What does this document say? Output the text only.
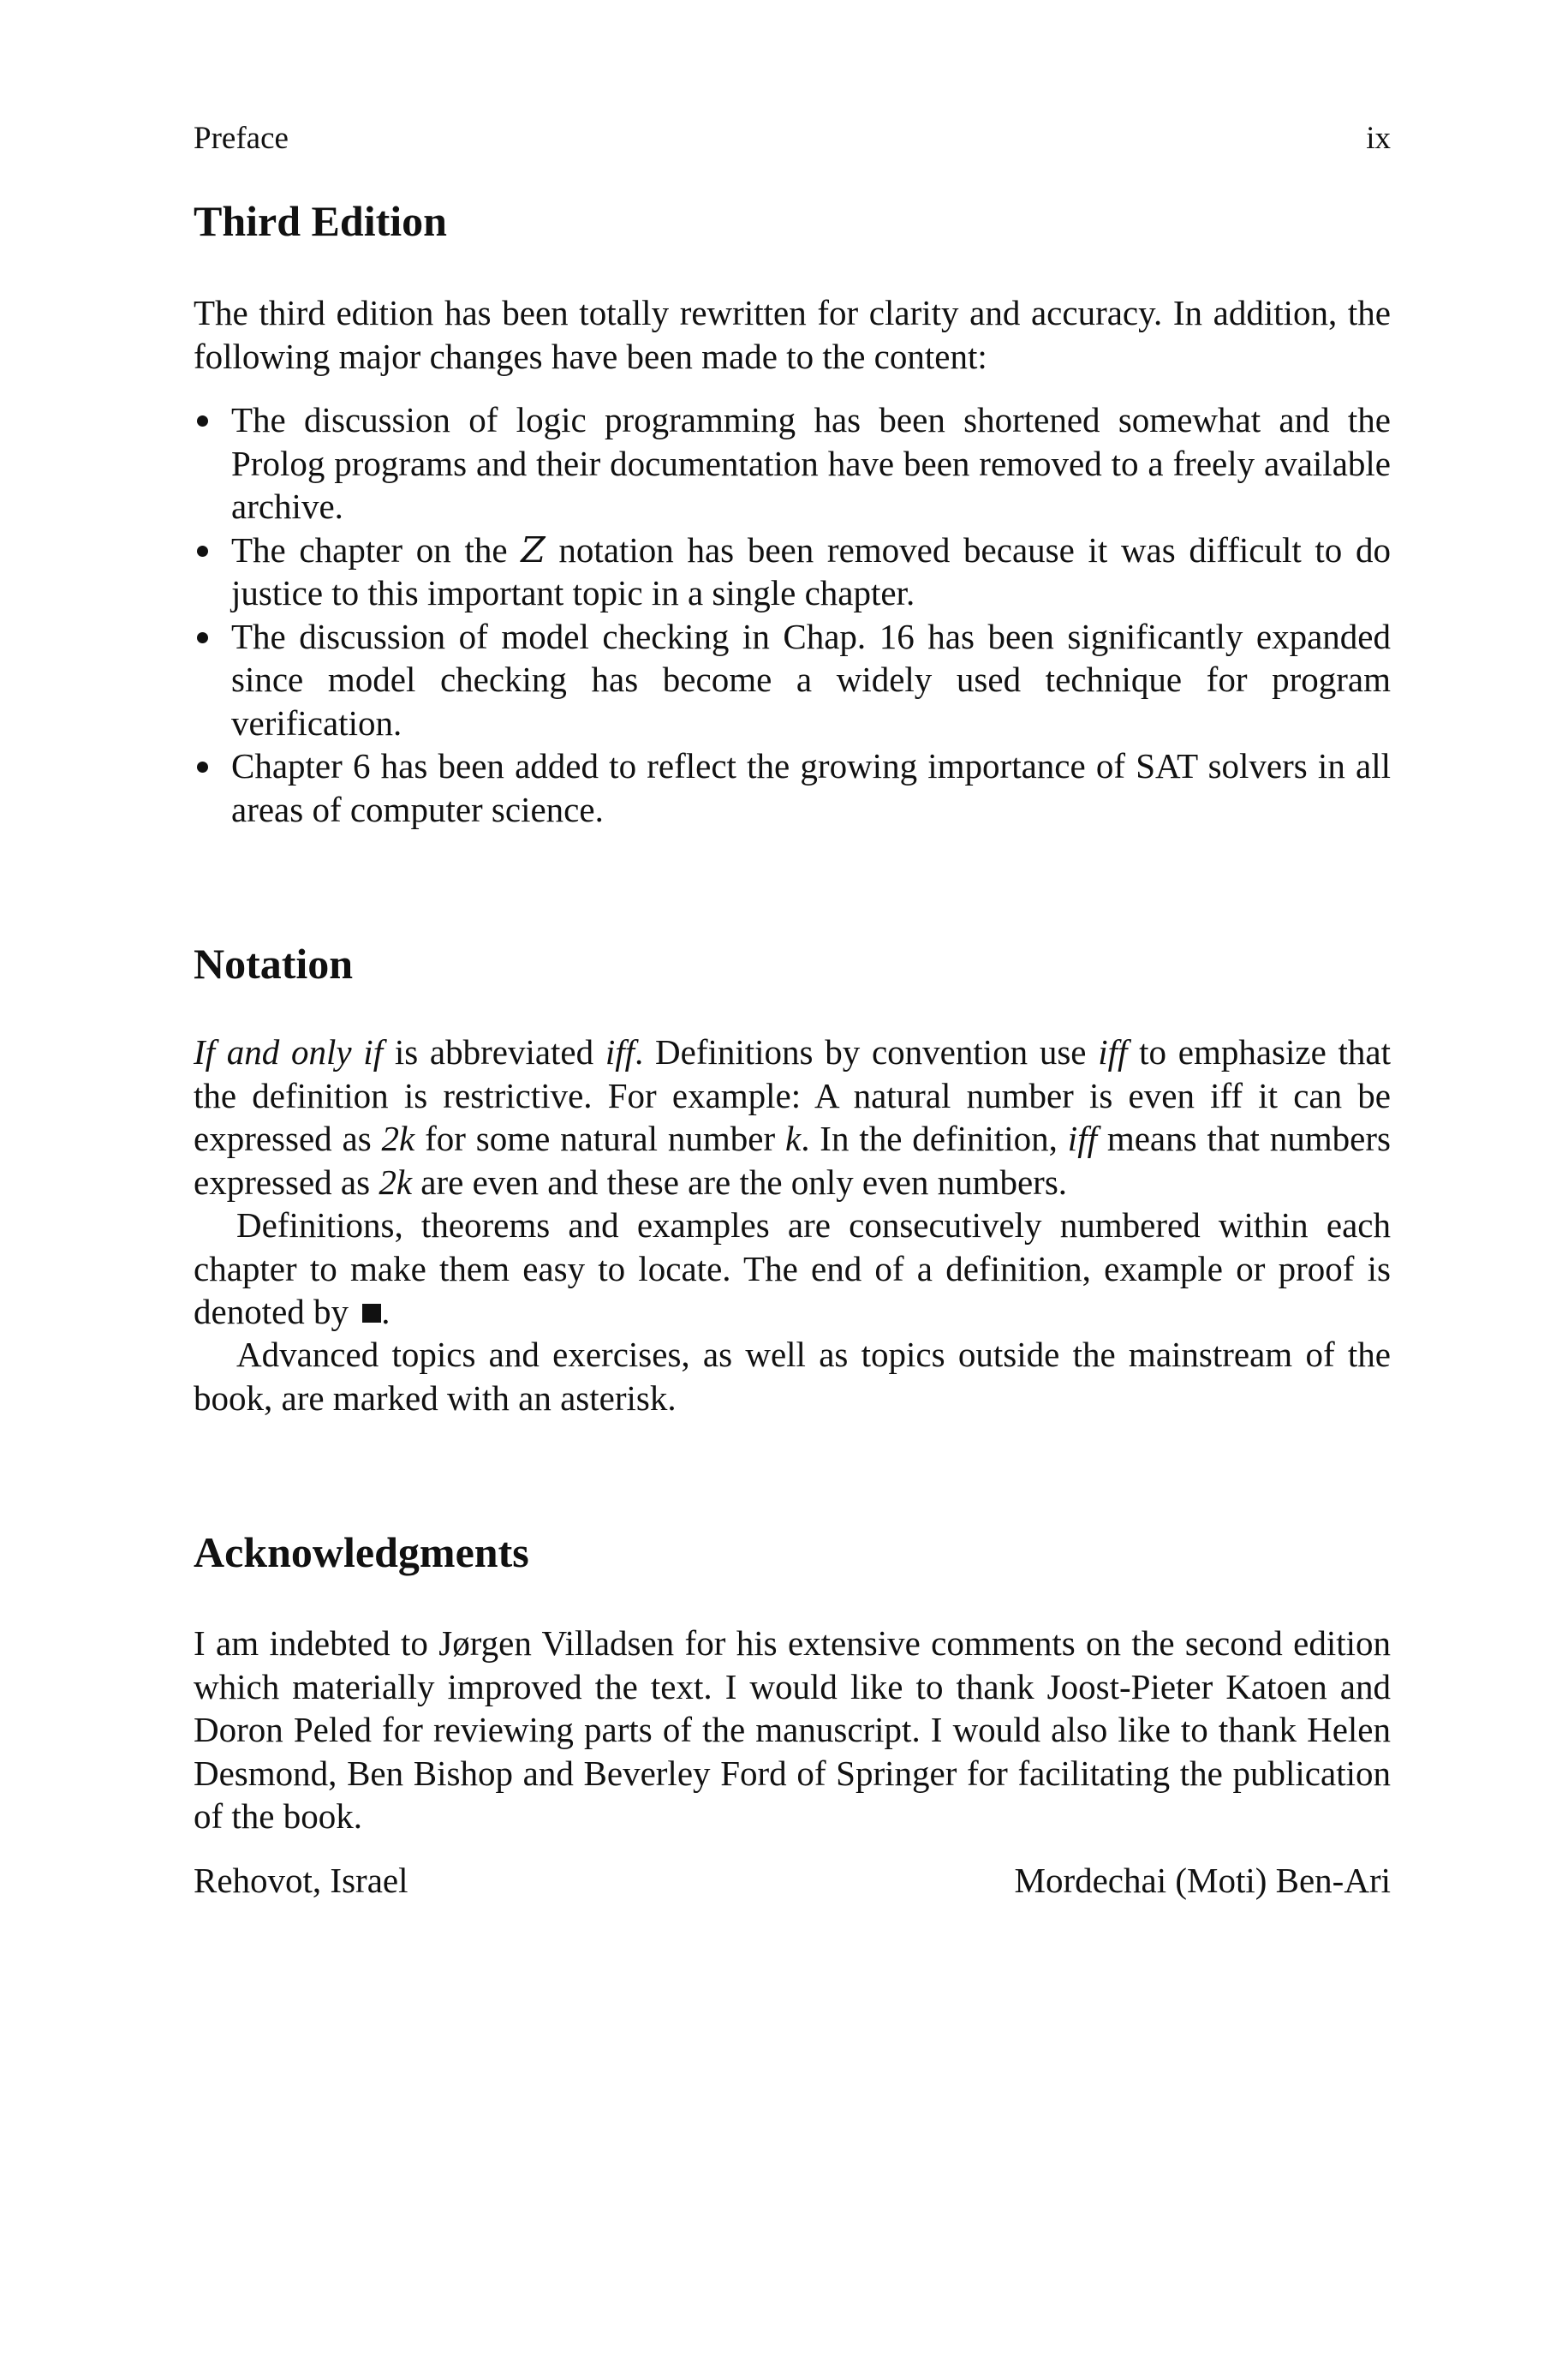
Preface	ix
Third Edition

The third edition has been totally rewritten for clarity and accuracy. In addition, the following major changes have been made to the content:

The discussion of logic programming has been shortened somewhat and the Prolog programs and their documentation have been removed to a freely available archive.
The chapter on the Z notation has been removed because it was difficult to do justice to this important topic in a single chapter.
The discussion of model checking in Chap. 16 has been significantly expanded since model checking has become a widely used technique for program verification.
Chapter 6 has been added to reflect the growing importance of SAT solvers in all areas of computer science.
Notation

If and only if is abbreviated iff. Definitions by convention use iff to emphasize that the definition is restrictive. For example: A natural number is even iff it can be expressed as 2k for some natural number k. In the definition, iff means that numbers expressed as 2k are even and these are the only even numbers.

Definitions, theorems and examples are consecutively numbered within each chapter to make them easy to locate. The end of a definition, example or proof is denoted by .

Advanced topics and exercises, as well as topics outside the mainstream of the book, are marked with an asterisk.

Acknowledgments

I am indebted to Jørgen Villadsen for his extensive comments on the second edition which materially improved the text. I would like to thank Joost-Pieter Katoen and Doron Peled for reviewing parts of the manuscript. I would also like to thank Helen Desmond, Ben Bishop and Beverley Ford of Springer for facilitating the publication of the book.

Rehovot, Israel	Mordechai (Moti) Ben-Ari
